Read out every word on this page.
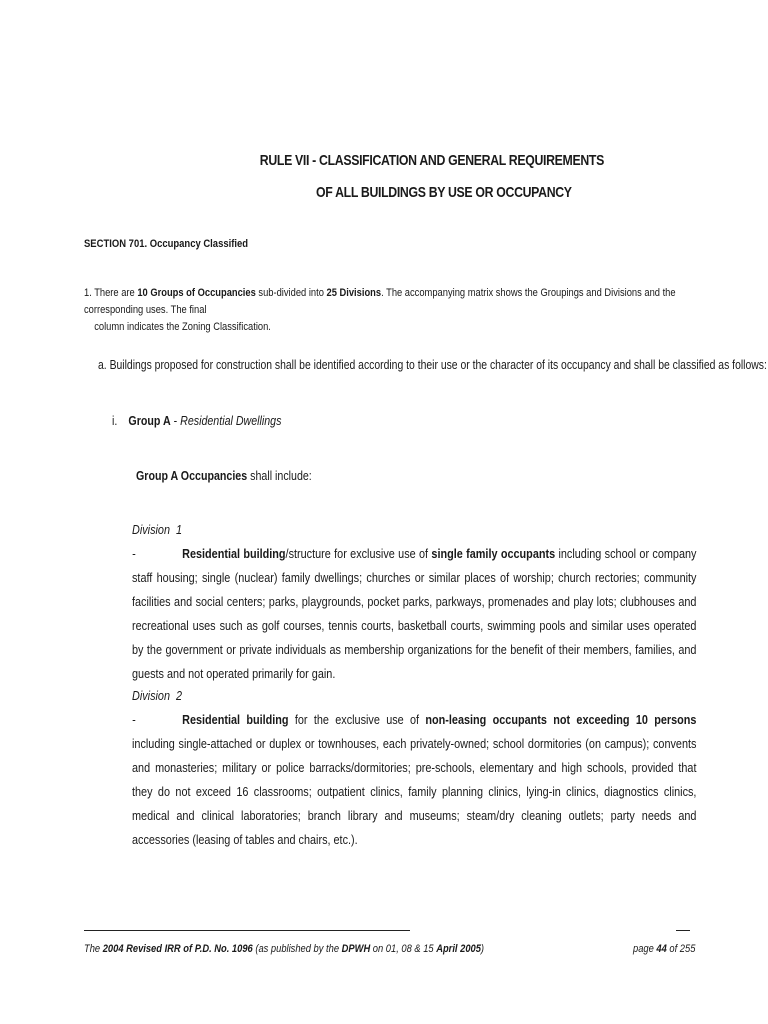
RULE VII - CLASSIFICATION AND GENERAL REQUIREMENTS
OF ALL BUILDINGS BY USE OR OCCUPANCY
SECTION 701. Occupancy Classified
1. There are 10 Groups of Occupancies sub-divided into 25 Divisions. The accompanying matrix shows the Groupings and Divisions and the corresponding uses. The final
column indicates the Zoning Classification.
a. Buildings proposed for construction shall be identified according to their use or the character of its occupancy and shall be classified as follows:
i. Group A - Residential Dwellings
Group A Occupancies shall include:
Division 1 -	Residential building/structure for exclusive use of single family occupants including school or company staff housing; single (nuclear) family dwellings; churches or similar places of worship; church rectories; community facilities and social centers; parks, playgrounds, pocket parks, parkways, promenades and play lots; clubhouses and recreational uses such as golf courses, tennis courts, basketball courts, swimming pools and similar uses operated by the government or private individuals as membership organizations for the benefit of their members, families, and guests and not operated primarily for gain.
Division 2 -	Residential building for the exclusive use of non-leasing occupants not exceeding 10 persons including single-attached or duplex or townhouses, each privately-owned; school dormitories (on campus); convents and monasteries; military or police barracks/dormitories; pre-schools, elementary and high schools, provided that they do not exceed 16 classrooms; outpatient clinics, family planning clinics, lying-in clinics, diagnostics clinics, medical and clinical laboratories; branch library and museums; steam/dry cleaning outlets; party needs and accessories (leasing of tables and chairs, etc.).
The 2004 Revised IRR of P.D. No. 1096 (as published by the DPWH on 01, 08 & 15 April 2005)	page 44 of 255
